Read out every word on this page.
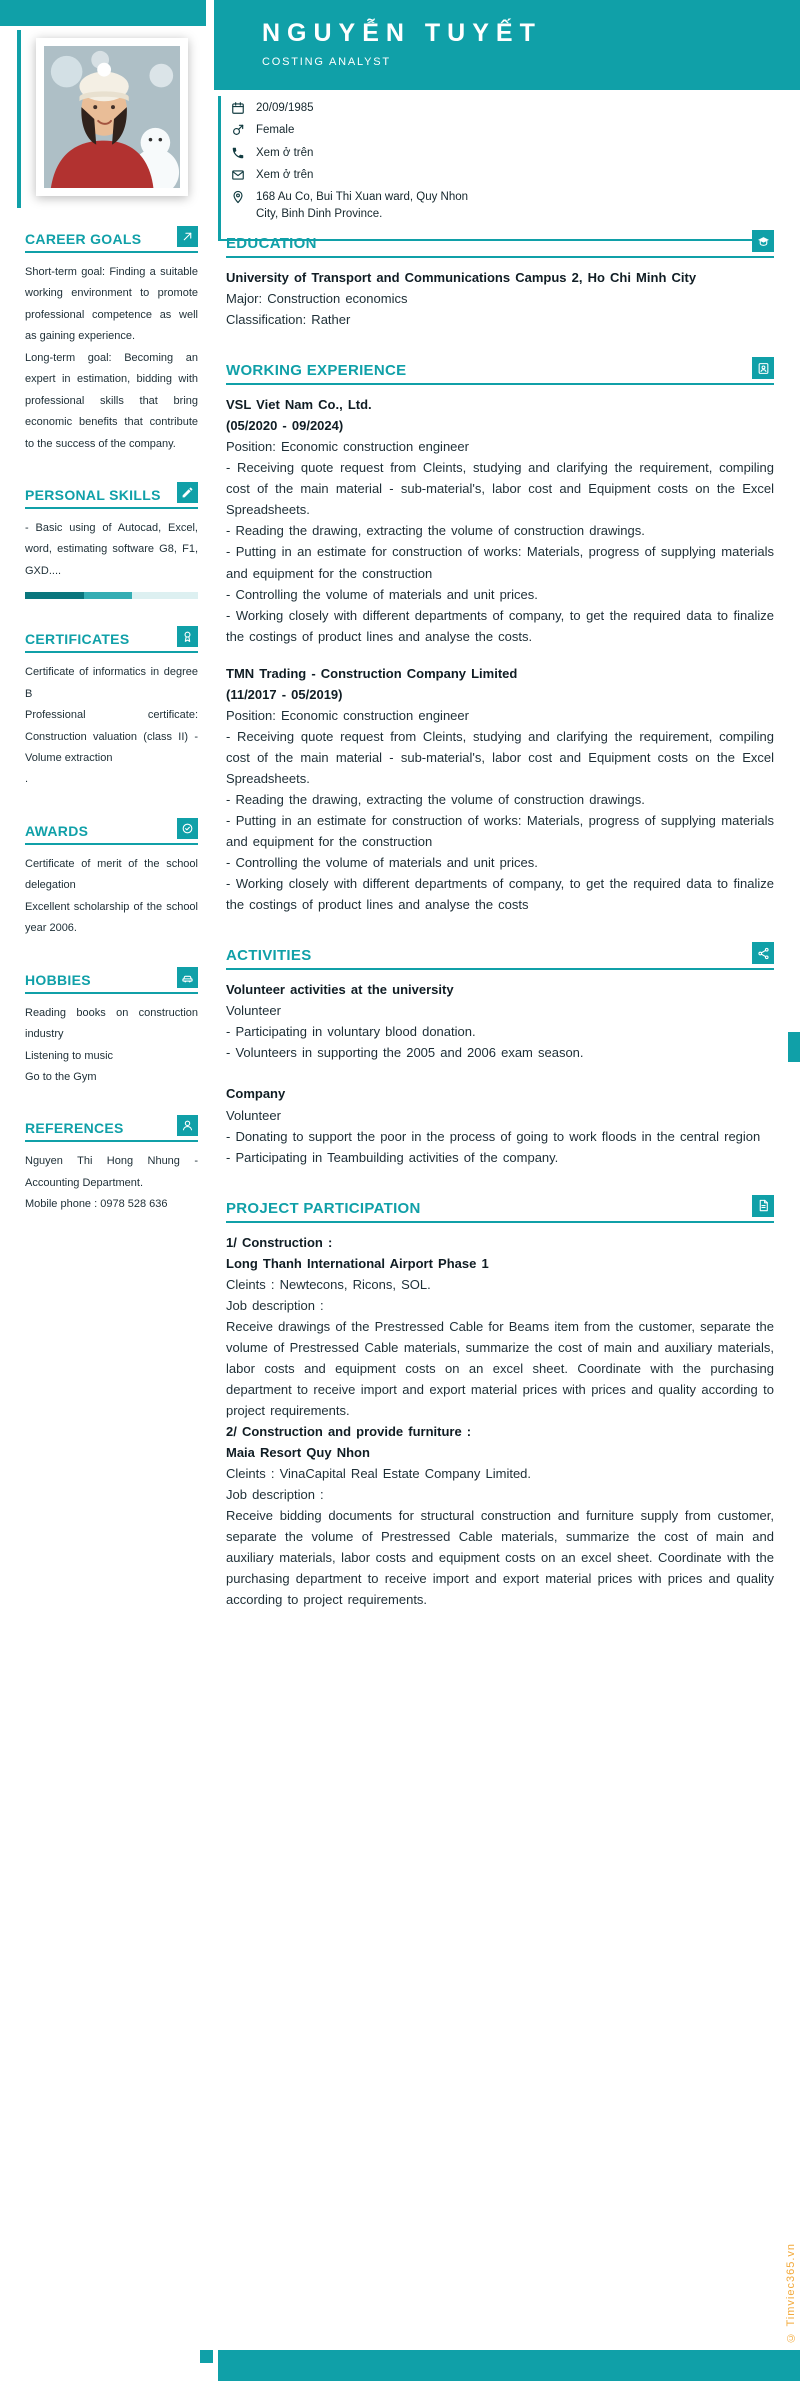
NGUYỄN TUYẾT
COSTING ANALYST
20/09/1985
Female
Xem ở trên
Xem ở trên
168 Au Co, Bui Thi Xuan ward, Quy Nhon
City, Binh Dinh Province.
CAREER GOALS

Short-term goal: Finding a suitable working environment to promote professional competence as well as gaining experience.

Long-term goal: Becoming an expert in estimation, bidding with professional skills that bring economic benefits that contribute to the success of the company.

PERSONAL SKILLS

- Basic using of Autocad, Excel, word, estimating software G8, F1, GXD....

CERTIFICATES

Certificate of informatics in degree B

Professional certificate: Construction valuation (class II) - Volume extraction

.

AWARDS

Certificate of merit of the school delegation

Excellent scholarship of the school year 2006.

HOBBIES

Reading books on construction industry

Listening to music

Go to the Gym

REFERENCES

Nguyen Thi Hong Nhung - Accounting Department.

Mobile phone : 0978 528 636

EDUCATION

University of Transport and Communications Campus 2, Ho Chi Minh City

Major: Construction economics

Classification: Rather

WORKING EXPERIENCE

VSL Viet Nam Co., Ltd.

(05/2020 - 09/2024)

Position: Economic construction engineer

- Receiving quote request from Cleints, studying and clarifying the requirement, compiling cost of the main material - sub-material's, labor cost and Equipment costs on the Excel Spreadsheets.

- Reading the drawing, extracting the volume of construction drawings.

- Putting in an estimate for construction of works: Materials, progress of supplying materials and equipment for the construction

- Controlling the volume of materials and unit prices.

- Working closely with different departments of company, to get the required data to finalize the costings of product lines and analyse the costs.

TMN Trading - Construction Company Limited

(11/2017 - 05/2019)

Position: Economic construction engineer

- Receiving quote request from Cleints, studying and clarifying the requirement, compiling cost of the main material - sub-material's, labor cost and Equipment costs on the Excel Spreadsheets.

- Reading the drawing, extracting the volume of construction drawings.

- Putting in an estimate for construction of works: Materials, progress of supplying materials and equipment for the construction

- Controlling the volume of materials and unit prices.

- Working closely with different departments of company, to get the required data to finalize the costings of product lines and analyse the costs

ACTIVITIES

Volunteer activities at the university

Volunteer

- Participating in voluntary blood donation.

- Volunteers in supporting the 2005 and 2006 exam season.

Company

Volunteer

- Donating to support the poor in the process of going to work floods in the central region

- Participating in Teambuilding activities of the company.

PROJECT PARTICIPATION

1/ Construction :

Long Thanh International Airport Phase 1

Cleints : Newtecons, Ricons, SOL.

Job description :

Receive drawings of the Prestressed Cable for Beams item from the customer, separate the volume of Prestressed Cable materials, summarize the cost of main and auxiliary materials, labor costs and equipment costs on an excel sheet. Coordinate with the purchasing department to receive import and export material prices with prices and quality according to project requirements.

2/ Construction and provide furniture :

Maia Resort Quy Nhon

Cleints : VinaCapital Real Estate Company Limited.

Job description :

Receive bidding documents for structural construction and furniture supply from customer, separate the volume of Prestressed Cable materials, summarize the cost of main and auxiliary materials, labor costs and equipment costs on an excel sheet. Coordinate with the purchasing department to receive import and export material prices with prices and quality according to project requirements.

© Timviec365.vn
